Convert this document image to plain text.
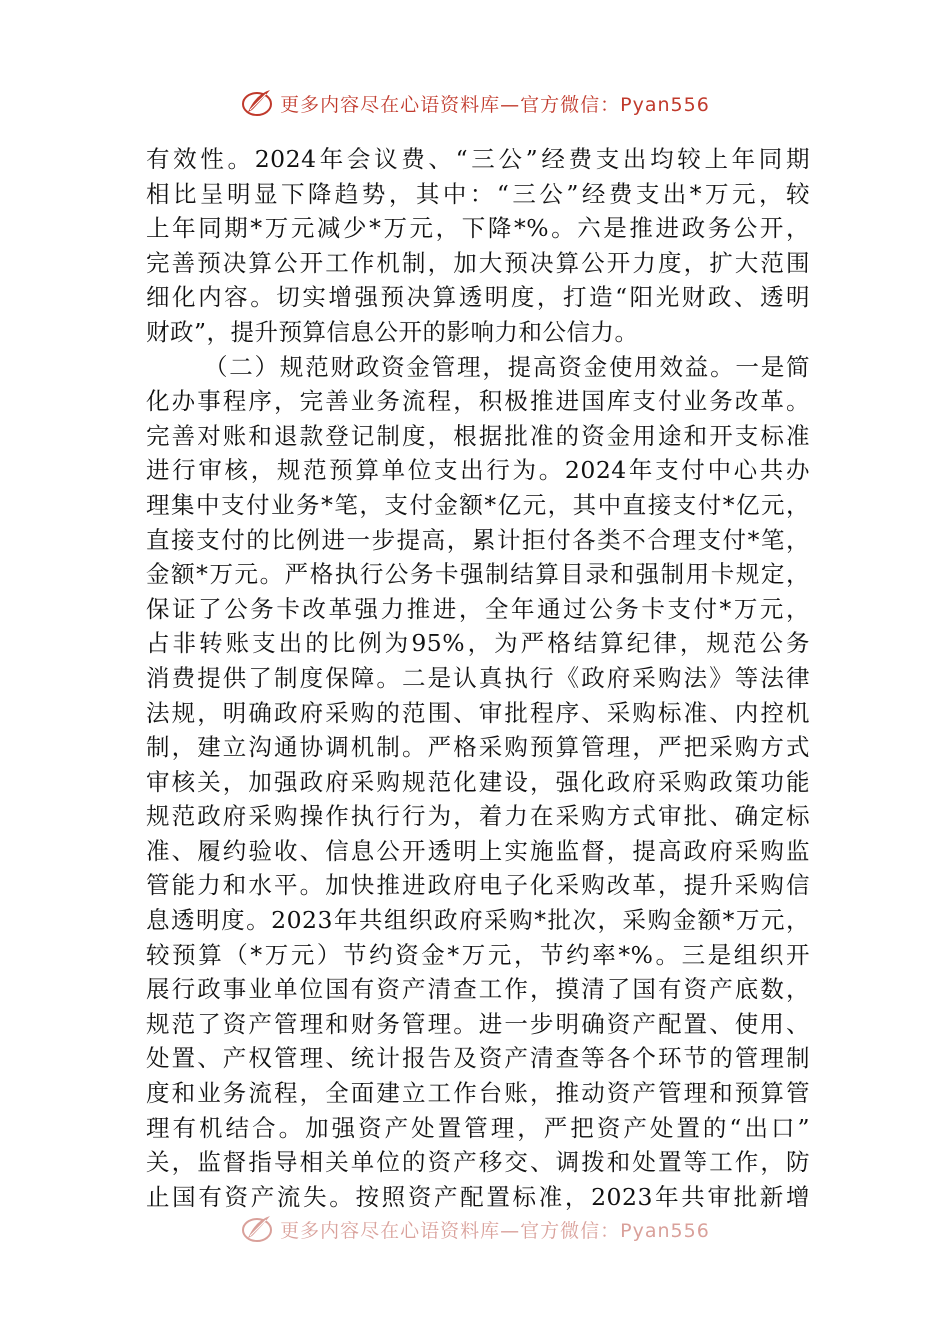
更多内容尽在心语资料库—官方微信：Pyan556
有效性。2024年会议费、“三公”经费支出均较上年同期
相比呈明显下降趋势，其中：“三公”经费支出*万元，较
上年同期*万元减少*万元，下降*%。六是推进政务公开，
完善预决算公开工作机制，加大预决算公开力度，扩大范围
细化内容。切实增强预决算透明度，打造“阳光财政、透明
财政”，提升预算信息公开的影响力和公信力。
（二）规范财政资金管理，提高资金使用效益。一是简
化办事程序，完善业务流程，积极推进国库支付业务改革。
完善对账和退款登记制度，根据批准的资金用途和开支标准
进行审核，规范预算单位支出行为。2024年支付中心共办
理集中支付业务*笔，支付金额*亿元，其中直接支付*亿元，
直接支付的比例进一步提高，累计拒付各类不合理支付*笔，
金额*万元。严格执行公务卡强制结算目录和强制用卡规定，
保证了公务卡改革强力推进，全年通过公务卡支付*万元，
占非转账支出的比例为95%，为严格结算纪律，规范公务
消费提供了制度保障。二是认真执行《政府采购法》等法律
法规，明确政府采购的范围、审批程序、采购标准、内控机
制，建立沟通协调机制。严格采购预算管理，严把采购方式
审核关，加强政府采购规范化建设，强化政府采购政策功能
规范政府采购操作执行行为，着力在采购方式审批、确定标
准、履约验收、信息公开透明上实施监督，提高政府采购监
管能力和水平。加快推进政府电子化采购改革，提升采购信
息透明度。2023年共组织政府采购*批次，采购金额*万元，
较预算（*万元）节约资金*万元，节约率*%。三是组织开
展行政事业单位国有资产清查工作，摸清了国有资产底数，
规范了资产管理和财务管理。进一步明确资产配置、使用、
处置、产权管理、统计报告及资产清查等各个环节的管理制
度和业务流程，全面建立工作台账，推动资产管理和预算管
理有机结合。加强资产处置管理，严把资产处置的“出口”
关，监督指导相关单位的资产移交、调拨和处置等工作，防
止国有资产流失。按照资产配置标准，2023年共审批新增
更多内容尽在心语资料库—官方微信：Pyan556
